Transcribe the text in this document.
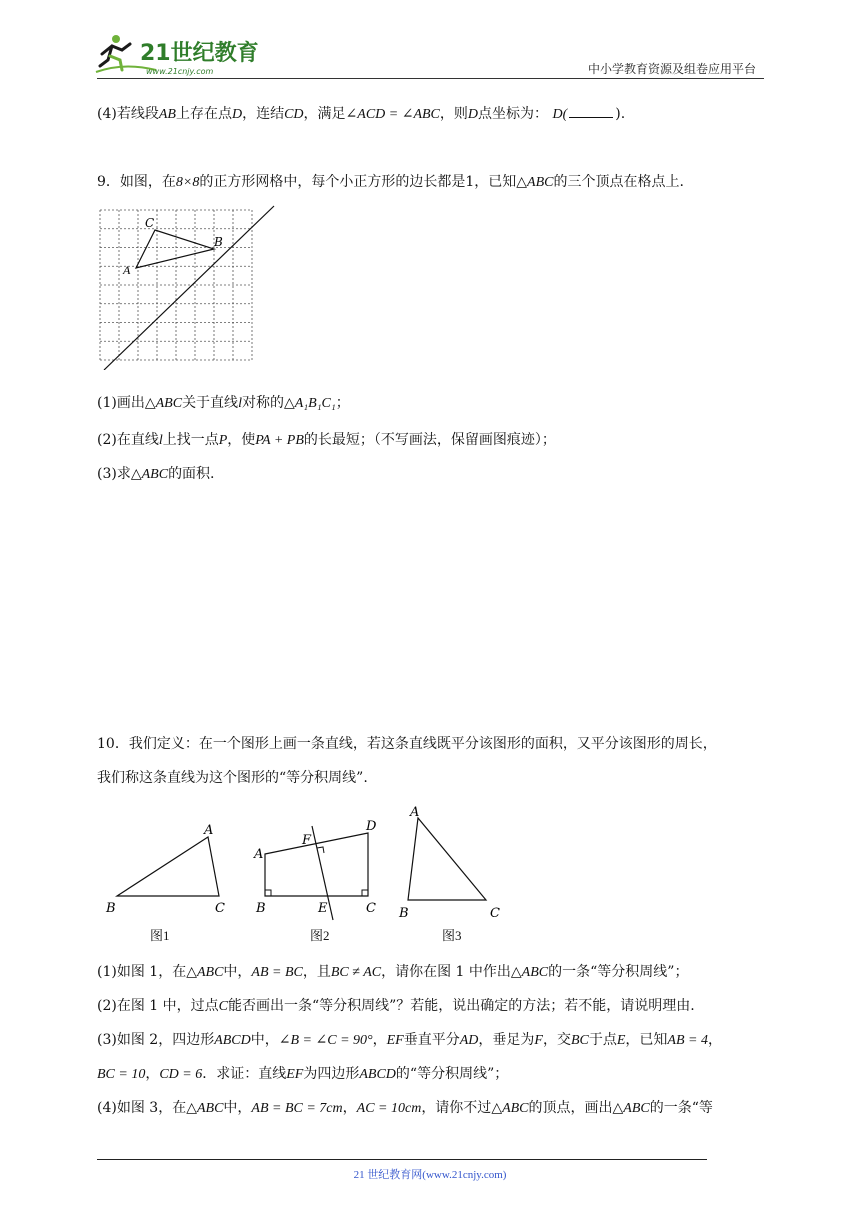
21世纪教育
www.21cnjy.com	中小学教育资源及组卷应用平台
(4)若线段AB上存在点D，连结CD，满足∠ACD = ∠ABC，则D点坐标为： D(	).
9．如图，在8×8的正方形网格中，每个小正方形的边长都是1，已知△ABC的三个顶点在格点上.
A
C
B
(1)画出△ABC关于直线l对称的△A₁B₁C₁；
(2)在直线l上找一点P，使PA + PB的长最短；（不写画法，保留画图痕迹）；
(3)求△ABC的面积.
10．我们定义：在一个图形上画一条直线，若这条直线既平分该图形的面积，又平分该图形的周长，
我们称这条直线为这个图形的“等分积周线”.
A
B	C
图1
A
D
F
B	E	C
图2
A
B	C
图3
(1)如图 1，在△ABC中，AB = BC，且BC ≠ AC，请你在图 1 中作出△ABC的一条“等分积周线”；
(2)在图 1 中，过点C能否画出一条“等分积周线”？若能，说出确定的方法；若不能，请说明理由.
(3)如图 2，四边形ABCD中，∠B = ∠C = 90°，EF垂直平分AD，垂足为F，交BC于点E，已知AB = 4，
BC = 10，CD = 6．求证：直线EF为四边形ABCD的“等分积周线”；
(4)如图 3，在△ABC中，AB = BC = 7cm，AC = 10cm，请你不过△ABC的顶点，画出△ABC的一条“等
21 世纪教育网(www.21cnjy.com)
